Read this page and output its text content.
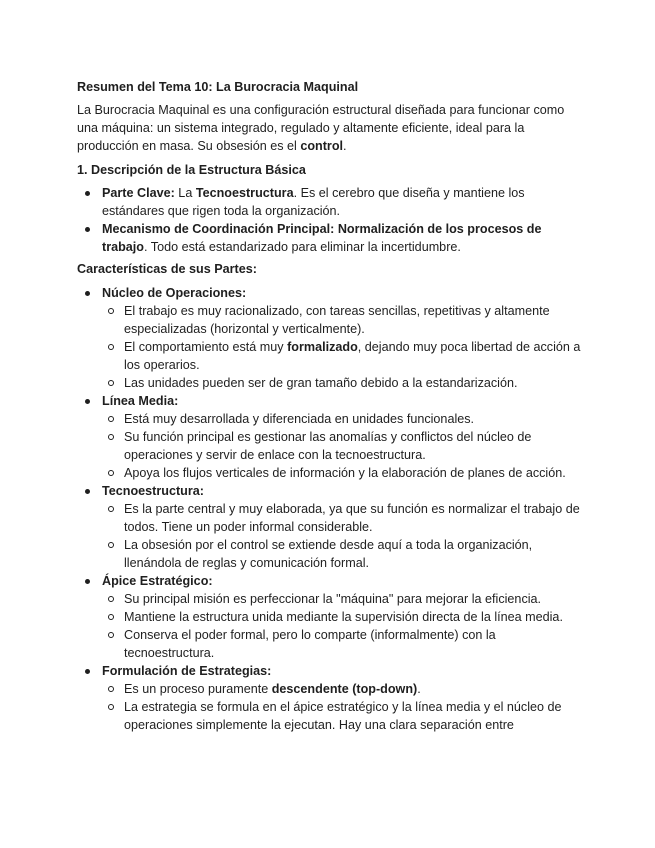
Resumen del Tema 10: La Burocracia Maquinal
La Burocracia Maquinal es una configuración estructural diseñada para funcionar como una máquina: un sistema integrado, regulado y altamente eficiente, ideal para la producción en masa. Su obsesión es el control.
1. Descripción de la Estructura Básica
Parte Clave: La Tecnoestructura. Es el cerebro que diseña y mantiene los estándares que rigen toda la organización.
Mecanismo de Coordinación Principal: Normalización de los procesos de trabajo. Todo está estandarizado para eliminar la incertidumbre.
Características de sus Partes:
Núcleo de Operaciones:
El trabajo es muy racionalizado, con tareas sencillas, repetitivas y altamente especializadas (horizontal y verticalmente).
El comportamiento está muy formalizado, dejando muy poca libertad de acción a los operarios.
Las unidades pueden ser de gran tamaño debido a la estandarización.
Línea Media:
Está muy desarrollada y diferenciada en unidades funcionales.
Su función principal es gestionar las anomalías y conflictos del núcleo de operaciones y servir de enlace con la tecnoestructura.
Apoya los flujos verticales de información y la elaboración de planes de acción.
Tecnoestructura:
Es la parte central y muy elaborada, ya que su función es normalizar el trabajo de todos. Tiene un poder informal considerable.
La obsesión por el control se extiende desde aquí a toda la organización, llenándola de reglas y comunicación formal.
Ápice Estratégico:
Su principal misión es perfeccionar la "máquina" para mejorar la eficiencia.
Mantiene la estructura unida mediante la supervisión directa de la línea media.
Conserva el poder formal, pero lo comparte (informalmente) con la tecnoestructura.
Formulación de Estrategias:
Es un proceso puramente descendente (top-down).
La estrategia se formula en el ápice estratégico y la línea media y el núcleo de operaciones simplemente la ejecutan. Hay una clara separación entre
